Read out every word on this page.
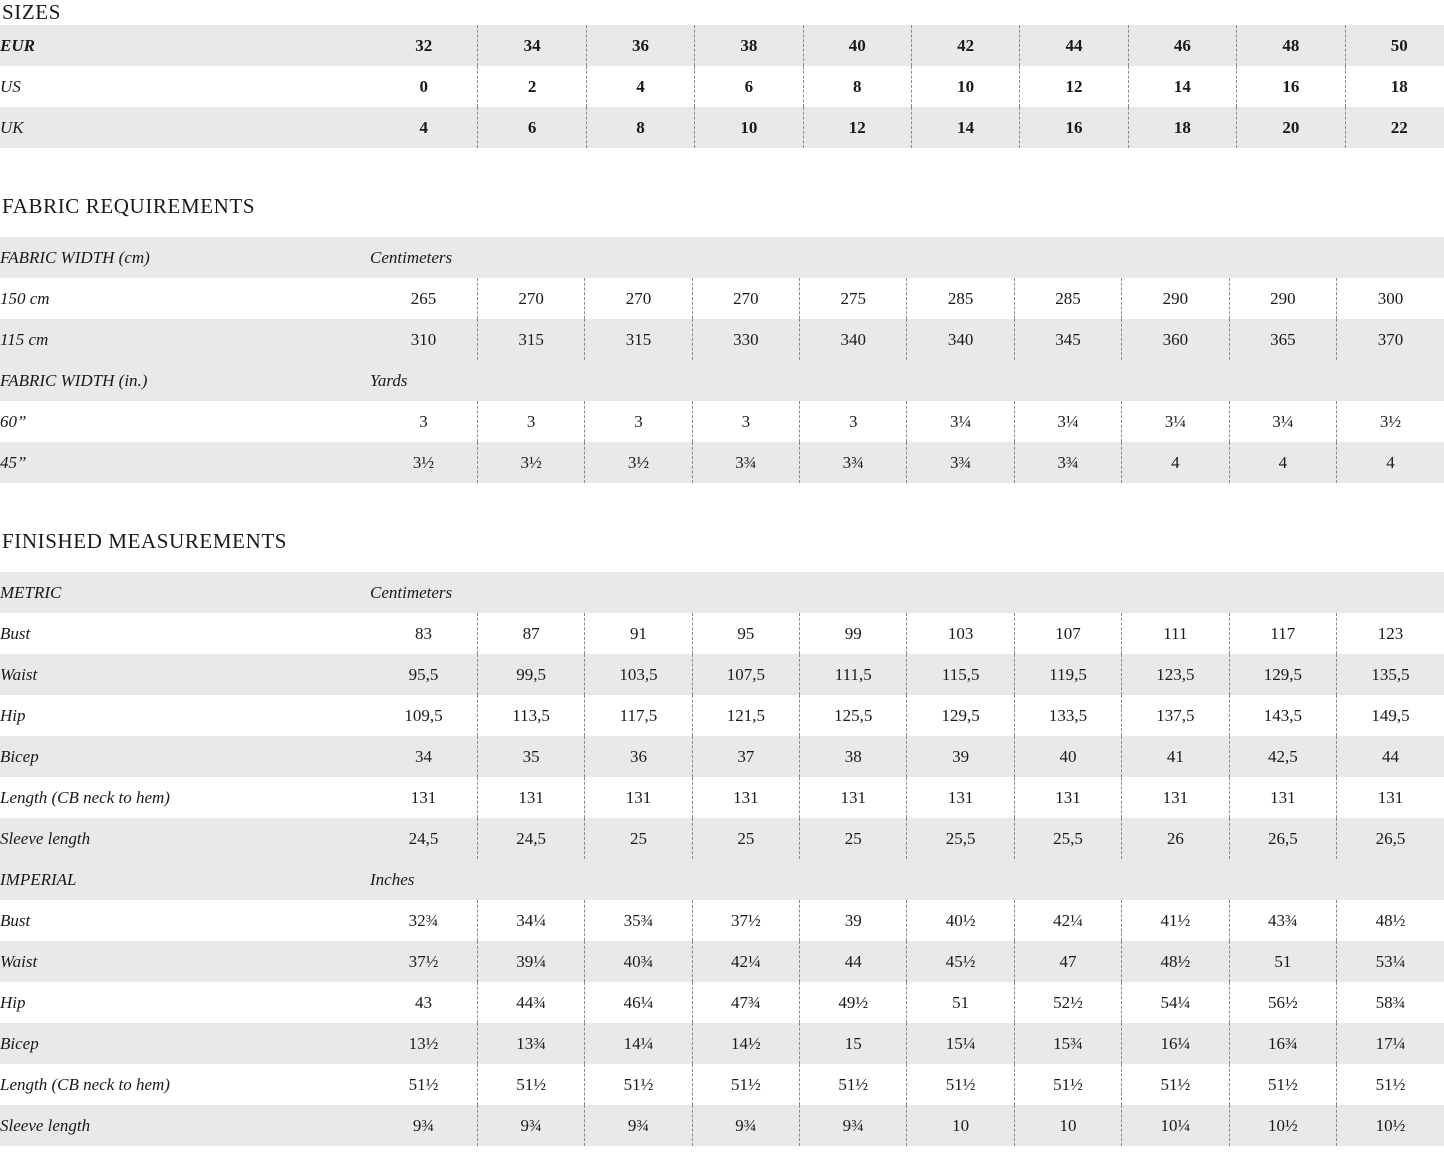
SIZES
EUR	32	34	36	38	40	42	44	46	48	50
US	0	2	4	6	8	10	12	14	16	18
UK	4	6	8	10	12	14	16	18	20	22
FABRIC REQUIREMENTS
FABRIC WIDTH (cm)	Centimeters									
150 cm	265	270	270	270	275	285	285	290	290	300
115 cm	310	315	315	330	340	340	345	360	365	370
FABRIC WIDTH (in.)	Yards									
60”	3	3	3	3	3	3¼	3¼	3¼	3¼	3½
45”	3½	3½	3½	3¾	3¾	3¾	3¾	4	4	4
FINISHED MEASUREMENTS
METRIC	Centimeters									
Bust	83	87	91	95	99	103	107	111	117	123
Waist	95,5	99,5	103,5	107,5	111,5	115,5	119,5	123,5	129,5	135,5
Hip	109,5	113,5	117,5	121,5	125,5	129,5	133,5	137,5	143,5	149,5
Bicep	34	35	36	37	38	39	40	41	42,5	44
Length (CB neck to hem)	131	131	131	131	131	131	131	131	131	131
Sleeve length	24,5	24,5	25	25	25	25,5	25,5	26	26,5	26,5
IMPERIAL	Inches									
Bust	32¾	34¼	35¾	37½	39	40½	42¼	41½	43¾	48½
Waist	37½	39¼	40¾	42¼	44	45½	47	48½	51	53¼
Hip	43	44¾	46¼	47¾	49½	51	52½	54¼	56½	58¾
Bicep	13½	13¾	14¼	14½	15	15¼	15¾	16¼	16¾	17¼
Length (CB neck to hem)	51½	51½	51½	51½	51½	51½	51½	51½	51½	51½
Sleeve length	9¾	9¾	9¾	9¾	9¾	10	10	10¼	10½	10½
